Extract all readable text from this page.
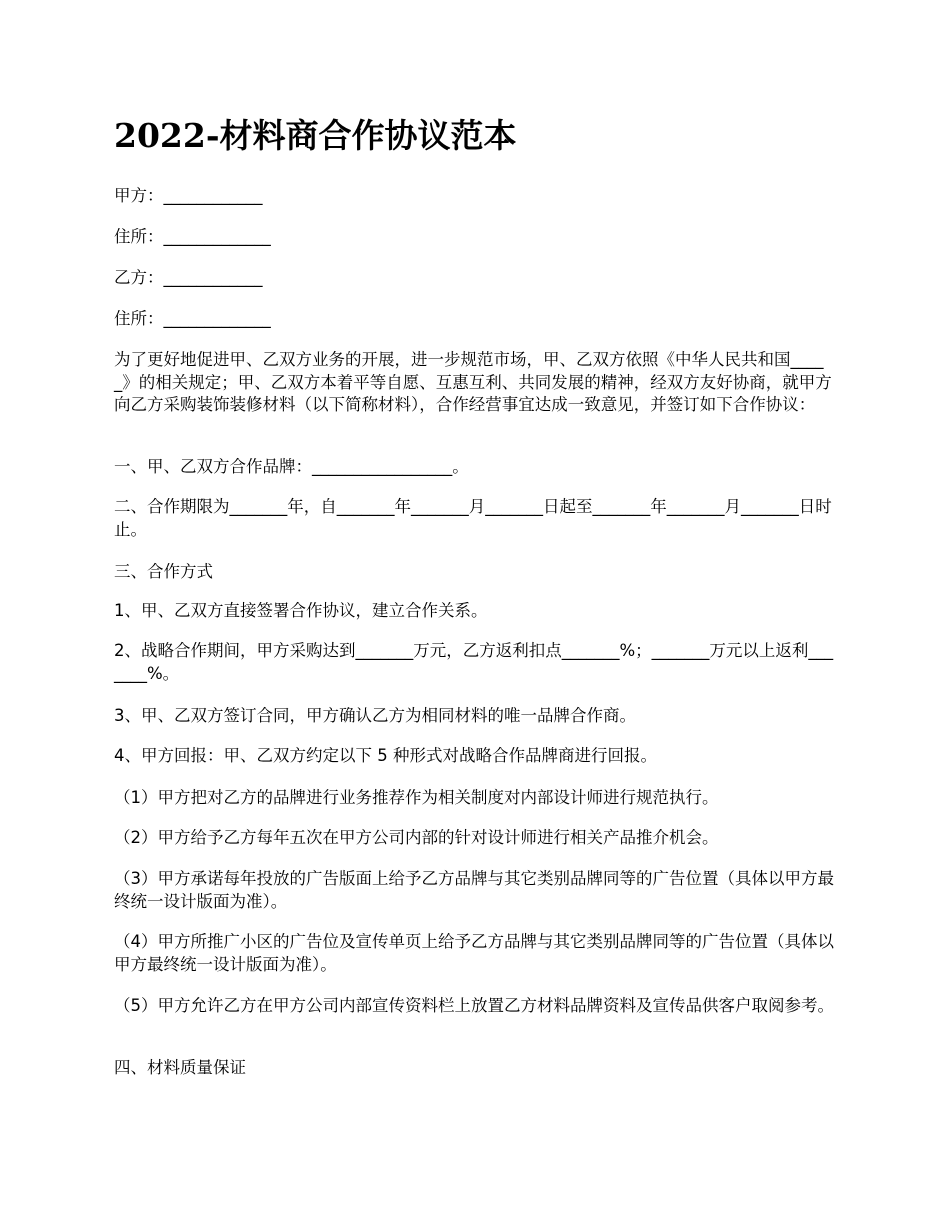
2022-材料商合作协议范本

甲方：____________

住所：_____________

乙方：____________

住所：_____________

为了更好地促进甲、乙双方业务的开展，进一步规范市场，甲、乙双方依照《中华人民共和国_____》的相关规定；甲、乙双方本着平等自愿、互惠互利、共同发展的精神，经双方友好协商，就甲方向乙方采购装饰装修材料（以下简称材料），合作经营事宜达成一致意见，并签订如下合作协议：

一、甲、乙双方合作品牌：_________________。

二、合作期限为_______年，自_______年_______月_______日起至_______年_______月_______日时止。

三、合作方式

1、甲、乙双方直接签署合作协议，建立合作关系。

2、战略合作期间，甲方采购达到_______万元，乙方返利扣点_______%；_______万元以上返利_______%。

3、甲、乙双方签订合同，甲方确认乙方为相同材料的唯一品牌合作商。

4、甲方回报：甲、乙双方约定以下 5 种形式对战略合作品牌商进行回报。

（1）甲方把对乙方的品牌进行业务推荐作为相关制度对内部设计师进行规范执行。

（2）甲方给予乙方每年五次在甲方公司内部的针对设计师进行相关产品推介机会。

（3）甲方承诺每年投放的广告版面上给予乙方品牌与其它类别品牌同等的广告位置（具体以甲方最终统一设计版面为准）。

（4）甲方所推广小区的广告位及宣传单页上给予乙方品牌与其它类别品牌同等的广告位置（具体以甲方最终统一设计版面为准）。

（5）甲方允许乙方在甲方公司内部宣传资料栏上放置乙方材料品牌资料及宣传品供客户取阅参考。

四、材料质量保证
